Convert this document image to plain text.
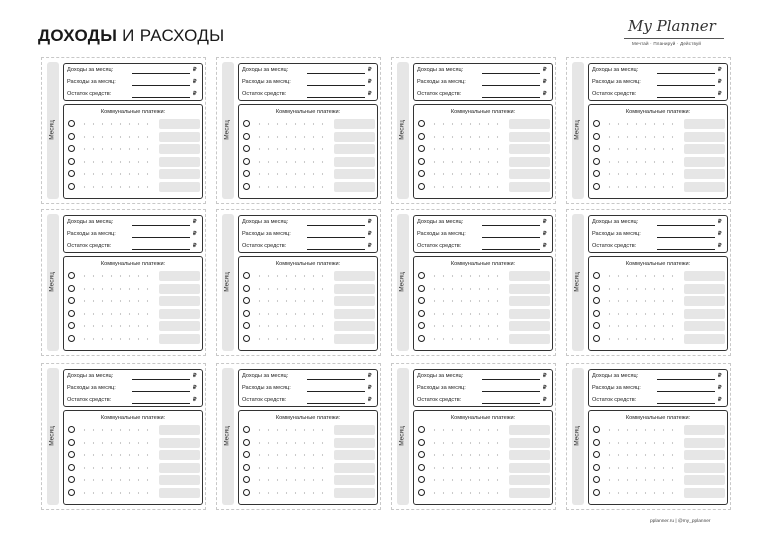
ДОХОДЫ И РАСХОДЫ	My Planner
Мечтай · Планируй · Действуй
Месяц
Доходы за месяц:	₽
Расходы за месяц:	₽
Остаток средств:	₽
Коммунальные платежи:
Месяц
Доходы за месяц:	₽
Расходы за месяц:	₽
Остаток средств:	₽
Коммунальные платежи:
Месяц
Доходы за месяц:	₽
Расходы за месяц:	₽
Остаток средств:	₽
Коммунальные платежи:
Месяц
Доходы за месяц:	₽
Расходы за месяц:	₽
Остаток средств:	₽
Коммунальные платежи:
Месяц
Доходы за месяц:	₽
Расходы за месяц:	₽
Остаток средств:	₽
Коммунальные платежи:
Месяц
Доходы за месяц:	₽
Расходы за месяц:	₽
Остаток средств:	₽
Коммунальные платежи:
Месяц
Доходы за месяц:	₽
Расходы за месяц:	₽
Остаток средств:	₽
Коммунальные платежи:
Месяц
Доходы за месяц:	₽
Расходы за месяц:	₽
Остаток средств:	₽
Коммунальные платежи:
Месяц
Доходы за месяц:	₽
Расходы за месяц:	₽
Остаток средств:	₽
Коммунальные платежи:
Месяц
Доходы за месяц:	₽
Расходы за месяц:	₽
Остаток средств:	₽
Коммунальные платежи:
Месяц
Доходы за месяц:	₽
Расходы за месяц:	₽
Остаток средств:	₽
Коммунальные платежи:
Месяц
Доходы за месяц:	₽
Расходы за месяц:	₽
Остаток средств:	₽
Коммунальные платежи:
pplanner.ru | @my_pplanner
